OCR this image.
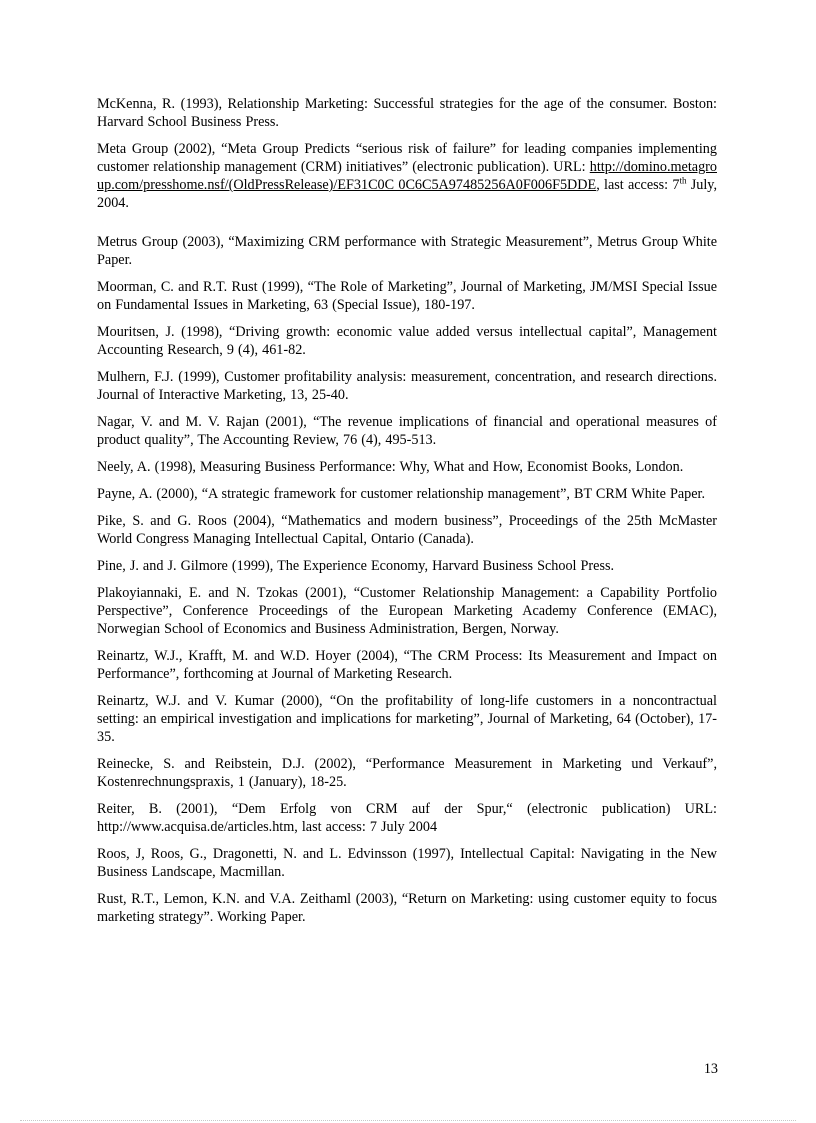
McKenna, R. (1993), Relationship Marketing: Successful strategies for the age of the consumer. Boston: Harvard School Business Press.

Meta Group (2002), “Meta Group Predicts “serious risk of failure” for leading companies implementing customer relationship management (CRM) initiatives” (electronic publication). URL: http://domino.metagroup.com/presshome.nsf/(OldPressRelease)/EF31C0C 0C6C5A97485256A0F006F5DDE, last access: 7th July, 2004.

Metrus Group (2003), “Maximizing CRM performance with Strategic Measurement”, Metrus Group White Paper.

Moorman, C. and R.T. Rust (1999), “The Role of Marketing”, Journal of Marketing, JM/MSI Special Issue on Fundamental Issues in Marketing, 63 (Special Issue), 180-197.

Mouritsen, J. (1998), “Driving growth: economic value added versus intellectual capital”, Management Accounting Research, 9 (4), 461-82.

Mulhern, F.J. (1999), Customer profitability analysis: measurement, concentration, and research directions. Journal of Interactive Marketing, 13, 25-40.

Nagar, V. and M. V. Rajan (2001), “The revenue implications of financial and operational measures of product quality”, The Accounting Review, 76 (4), 495-513.

Neely, A. (1998), Measuring Business Performance: Why, What and How, Economist Books, London.

Payne, A. (2000), “A strategic framework for customer relationship management”, BT CRM White Paper.

Pike, S. and G. Roos (2004), “Mathematics and modern business”, Proceedings of the 25th McMaster World Congress Managing Intellectual Capital, Ontario (Canada).

Pine, J. and J. Gilmore (1999), The Experience Economy, Harvard Business School Press.

Plakoyiannaki, E. and N. Tzokas (2001), “Customer Relationship Management: a Capability Portfolio Perspective”, Conference Proceedings of the European Marketing Academy Conference (EMAC), Norwegian School of Economics and Business Administration, Bergen, Norway.

Reinartz, W.J., Krafft, M. and W.D. Hoyer (2004), “The CRM Process: Its Measurement and Impact on Performance”, forthcoming at Journal of Marketing Research.

Reinartz, W.J. and V. Kumar (2000), “On the profitability of long-life customers in a noncontractual setting: an empirical investigation and implications for marketing”, Journal of Marketing, 64 (October), 17-35.

Reinecke, S. and Reibstein, D.J. (2002), “Performance Measurement in Marketing und Verkauf”, Kostenrechnungspraxis, 1 (January), 18-25.

Reiter, B. (2001), “Dem Erfolg von CRM auf der Spur,“ (electronic publication) URL: http://www.acquisa.de/articles.htm, last access: 7 July 2004

Roos, J, Roos, G., Dragonetti, N. and L. Edvinsson (1997), Intellectual Capital: Navigating in the New Business Landscape, Macmillan.

Rust, R.T., Lemon, K.N. and V.A. Zeithaml (2003), “Return on Marketing: using customer equity to focus marketing strategy”. Working Paper.

13
